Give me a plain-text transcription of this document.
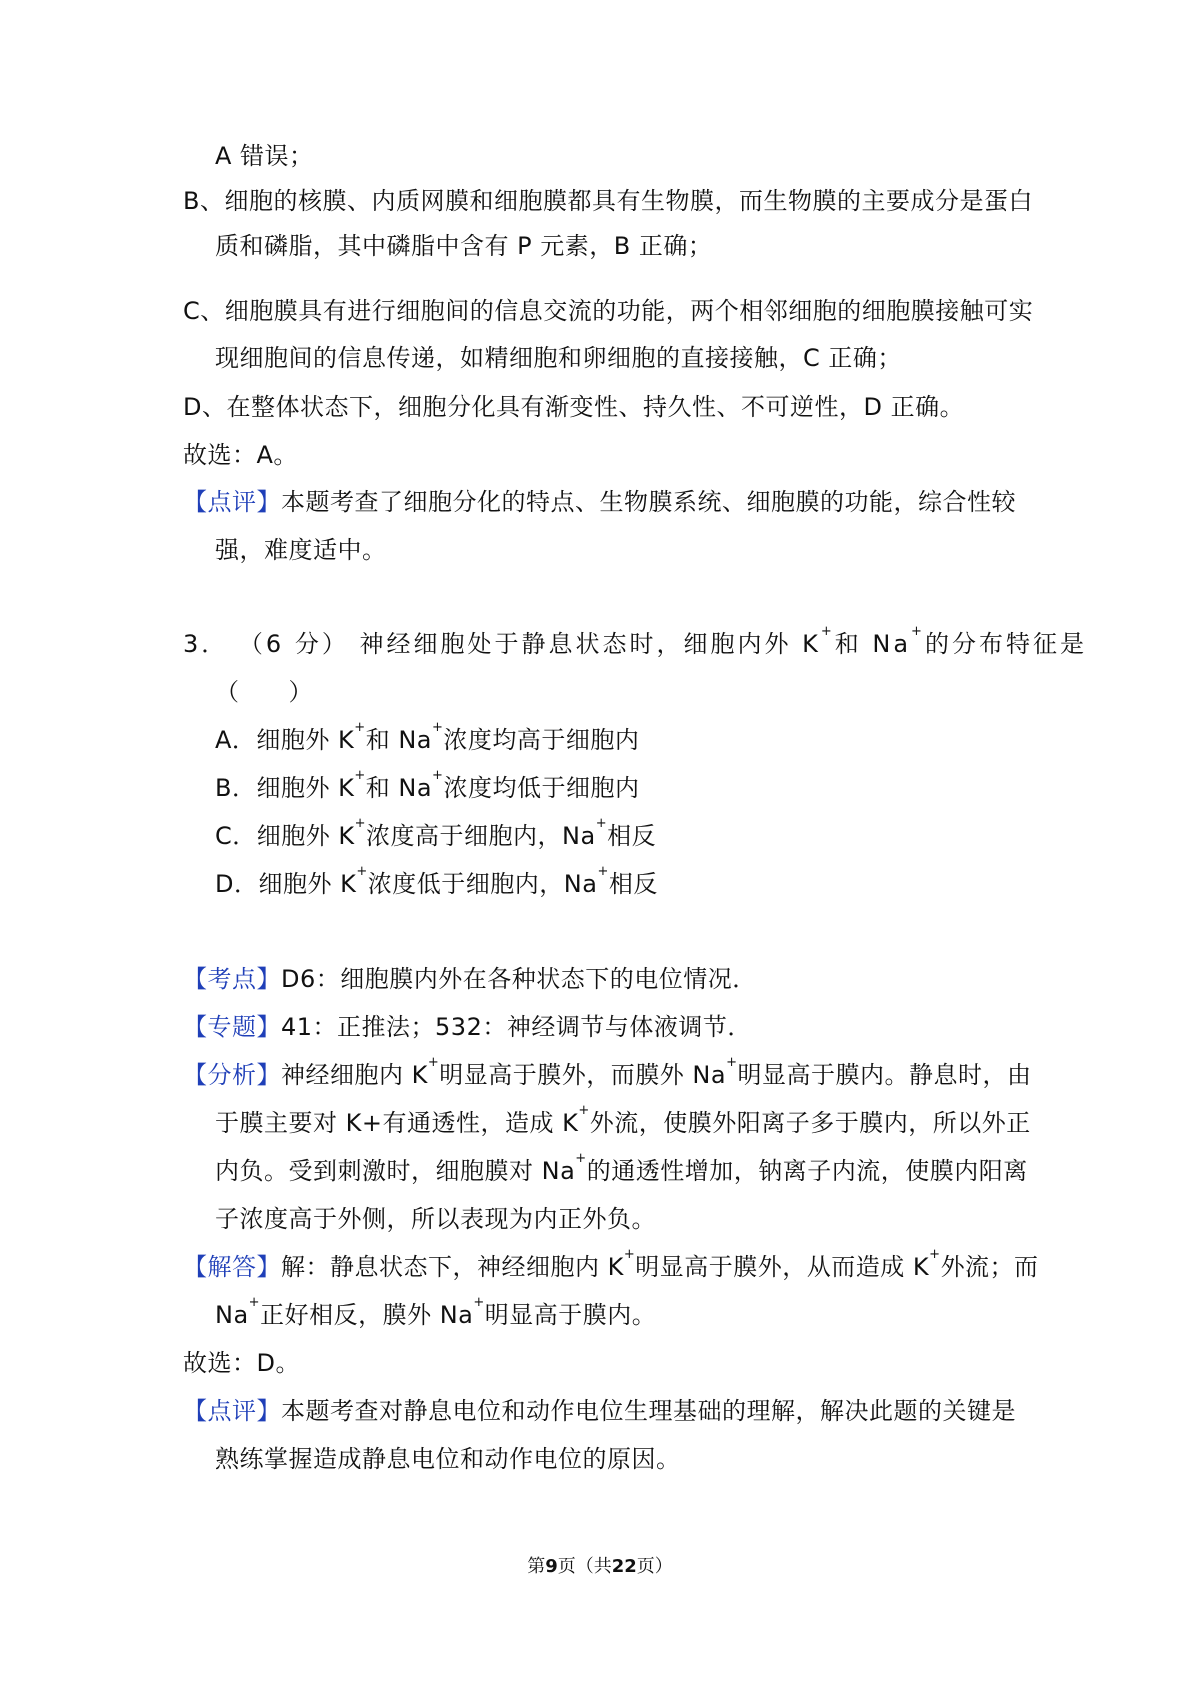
A 错误；
B、细胞的核膜、内质网膜和细胞膜都具有生物膜，而生物膜的主要成分是蛋白
质和磷脂，其中磷脂中含有 P 元素，B 正确；
C、细胞膜具有进行细胞间的信息交流的功能，两个相邻细胞的细胞膜接触可实
现细胞间的信息传递，如精细胞和卵细胞的直接接触，C 正确；
D、在整体状态下，细胞分化具有渐变性、持久性、不可逆性，D 正确。
故选：A。
【点评】本题考查了细胞分化的特点、生物膜系统、细胞膜的功能，综合性较
强，难度适中。
3． （6 分） 神经细胞处于静息状态时，细胞内外 K+和 Na+的分布特征是
（　　）
A．细胞外 K+和 Na+浓度均高于细胞内
B．细胞外 K+和 Na+浓度均低于细胞内
C．细胞外 K+浓度高于细胞内，Na+相反
D．细胞外 K+浓度低于细胞内，Na+相反
【考点】D6：细胞膜内外在各种状态下的电位情况．
【专题】41：正推法；532：神经调节与体液调节．
【分析】神经细胞内 K+明显高于膜外，而膜外 Na+明显高于膜内。静息时，由
于膜主要对 K+有通透性，造成 K+外流，使膜外阳离子多于膜内，所以外正
内负。受到刺激时，细胞膜对 Na+的通透性增加，钠离子内流，使膜内阳离
子浓度高于外侧，所以表现为内正外负。
【解答】解：静息状态下，神经细胞内 K+明显高于膜外，从而造成 K+外流；而
Na+正好相反，膜外 Na+明显高于膜内。
故选：D。
【点评】本题考查对静息电位和动作电位生理基础的理解，解决此题的关键是
熟练掌握造成静息电位和动作电位的原因。
第9页（共22页）
